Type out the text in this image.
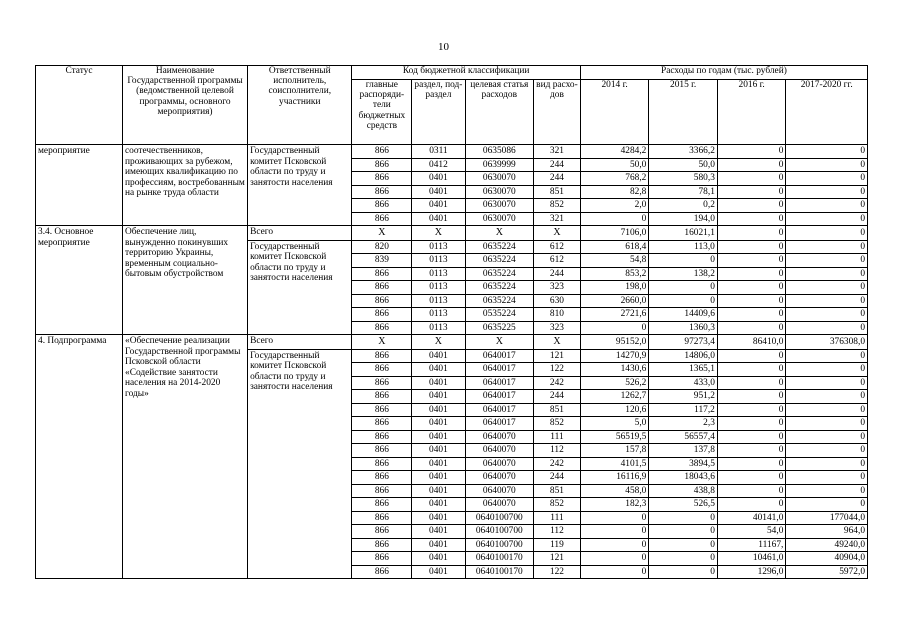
10
Статус	Наименование Государственной программы (ведомственной целевой программы, основного мероприятия)	Ответственный исполнитель, соисполнители, участники	Код бюджетной классификации				Расходы по годам (тыс. рублей)			
			главные распоряди-тели бюджетных средств	раздел, под-раздел	целевая статья расходов	вид расхо-дов	2014 г.	2015 г.	2016 г.	2017-2020 гг.
мероприятие	соотечественников, проживающих за рубежом, имеющих квалификацию по профессиям, востребованным на рынке труда области	Государственный комитет Псковской области по труду и занятости населения	866	0311	0635086	321	4284,2	3366,2	0	0
			866	0412	0639999	244	50,0	50,0	0	0
			866	0401	0630070	244	768,2	580,3	0	0
			866	0401	0630070	851	82,8	78,1	0	0
			866	0401	0630070	852	2,0	0,2	0	0
			866	0401	0630070	321	0	194,0	0	0
3.4. Основное мероприятие	Обеспечение лиц, вынужденно покинувших территорию Украины, временным социально-бытовым обустройством	Всего	X	X	X	X	7106,0	16021,1	0	0
		Государственный комитет Псковской области по труду и занятости населения	820	0113	0635224	612	618,4	113,0	0	0
			839	0113	0635224	612	54,8	0	0	0
			866	0113	0635224	244	853,2	138,2	0	0
			866	0113	0635224	323	198,0	0	0	0
			866	0113	0635224	630	2660,0	0	0	0
			866	0113	0535224	810	2721,6	14409,6	0	0
			866	0113	0635225	323	0	1360,3	0	0
4. Подпрограмма	«Обеспечение реализации Государственной программы Псковской области «Содействие занятости населения на 2014-2020 годы»	Всего	X	X	X	X	95152,0	97273,4	86410,0	376308,0
		Государственный комитет Псковской области по труду и занятости населения	866	0401	0640017	121	14270,9	14806,0	0	0
			866	0401	0640017	122	1430,6	1365,1	0	0
			866	0401	0640017	242	526,2	433,0	0	0
			866	0401	0640017	244	1262,7	951,2	0	0
			866	0401	0640017	851	120,6	117,2	0	0
			866	0401	0640017	852	5,0	2,3	0	0
			866	0401	0640070	111	56519,5	56557,4	0	0
			866	0401	0640070	112	157,8	137,8	0	0
			866	0401	0640070	242	4101,5	3894,5	0	0
			866	0401	0640070	244	16116,9	18043,6	0	0
			866	0401	0640070	851	458,0	438,8	0	0
			866	0401	0640070	852	182,3	526,5	0	0
			866	0401	0640100700	111	0	0	40141,0	177044,0
			866	0401	0640100700	112	0	0	54,0	964,0
			866	0401	0640100700	119	0	0	11167,	49240,0
			866	0401	0640100170	121	0	0	10461,0	40904,0
			866	0401	0640100170	122	0	0	1296,0	5972,0
